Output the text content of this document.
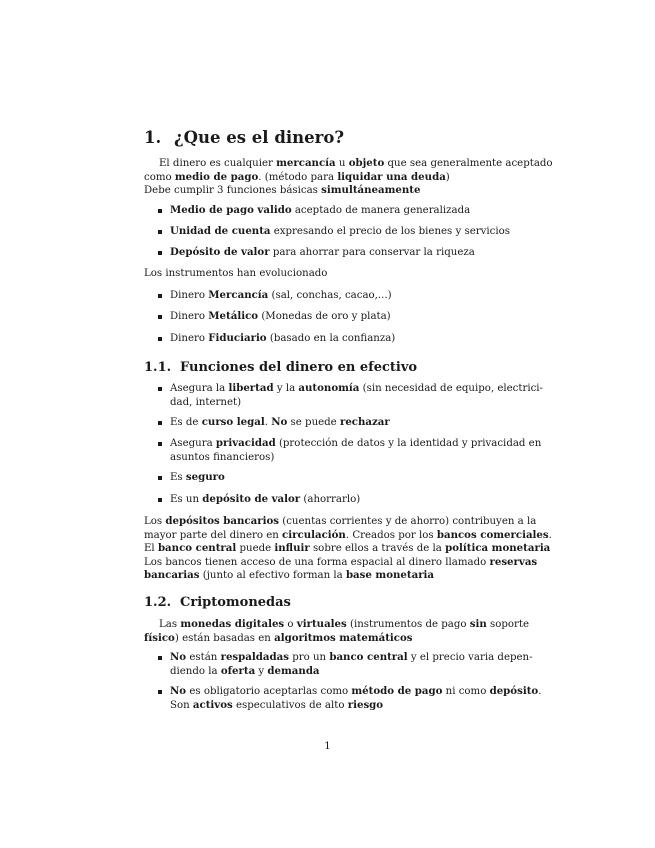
1. ¿Que es el dinero?
El dinero es cualquier mercancía u objeto que sea generalmente aceptado
como medio de pago. (método para liquidar una deuda)
Debe cumplir 3 funciones básicas simultáneamente
Medio de pago valido aceptado de manera generalizada
Unidad de cuenta expresando el precio de los bienes y servicios
Depósito de valor para ahorrar para conservar la riqueza
Los instrumentos han evolucionado
Dinero Mercancía (sal, conchas, cacao,...)
Dinero Metálico (Monedas de oro y plata)
Dinero Fiduciario (basado en la confianza)
1.1. Funciones del dinero en efectivo
Asegura la libertad y la autonomía (sin necesidad de equipo, electrici-
dad, internet)
Es de curso legal. No se puede rechazar
Asegura privacidad (protección de datos y la identidad y privacidad en
asuntos financieros)
Es seguro
Es un depósito de valor (ahorrarlo)
Los depósitos bancarios (cuentas corrientes y de ahorro) contribuyen a la
mayor parte del dinero en circulación. Creados por los bancos comerciales.
El banco central puede influir sobre ellos a través de la política monetaria
Los bancos tienen acceso de una forma espacial al dinero llamado reservas
bancarias (junto al efectivo forman la base monetaria
1.2. Criptomonedas
Las monedas digitales o virtuales (instrumentos de pago sin soporte
físico) están basadas en algoritmos matemáticos
No están respaldadas pro un banco central y el precio varia depen-
diendo la oferta y demanda
No es obligatorio aceptarlas como método de pago ni como depósito.
Son activos especulativos de alto riesgo
1
